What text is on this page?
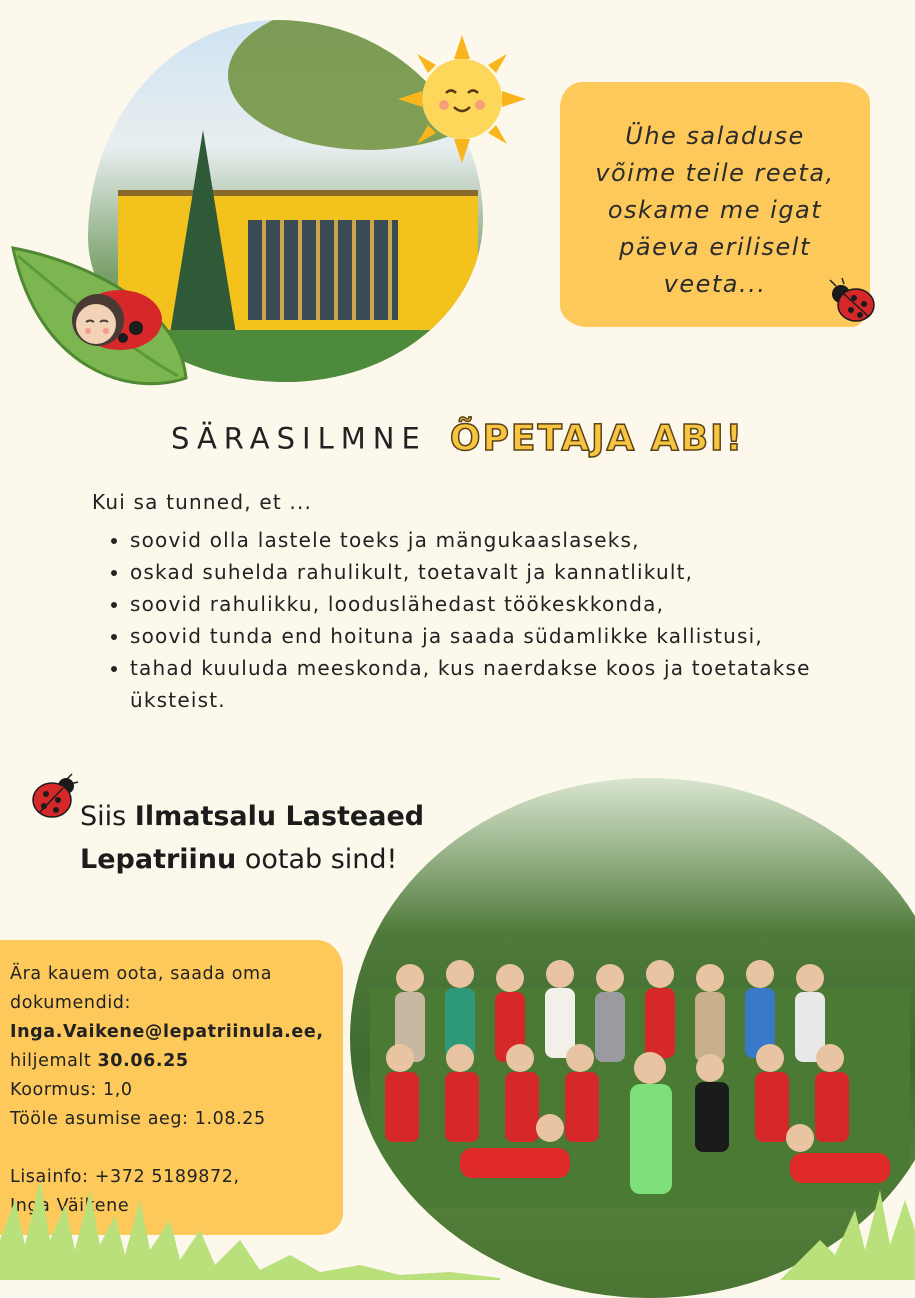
Ühe saladuse
võime teile reeta,
oskame me igat
päeva eriliselt
veeta...
SÄRASILMNE ÕPETAJA ABI!

Kui sa tunned, et ...

• soovid olla lastele toeks ja mängukaaslaseks,
• oskad suhelda rahulikult, toetavalt ja kannatlikult,
• soovid rahulikku, looduslähedast töökeskkonda,
• soovid tunda end hoituna ja saada südamlikke kallistusi,
• tahad kuuluda meeskonda, kus naerdakse koos ja toetatakse üksteist.

Siis Ilmatsalu Lasteaed
Lepatriinu ootab sind!

Ära kauem oota, saada oma
dokumendid:
Inga.Vaikene@lepatriinula.ee,
hiljemalt 30.06.25
Koormus: 1,0
Tööle asumise aeg: 1.08.25
Lisainfo: +372 5189872,
Inga Väikene
